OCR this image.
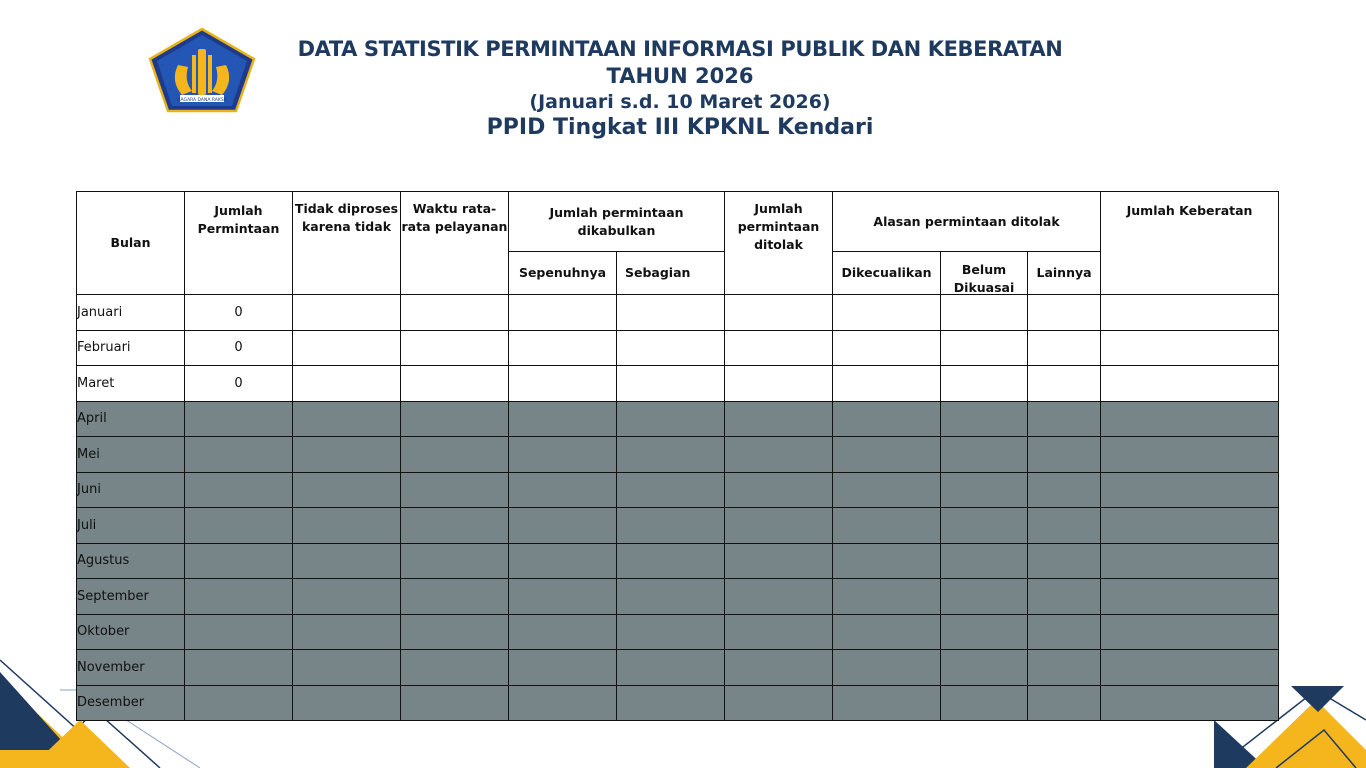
NAGARA DANA RAKSA
DATA STATISTIK PERMINTAAN INFORMASI PUBLIK DAN KEBERATAN
TAHUN 2026
(Januari s.d. 10 Maret 2026)
PPID Tingkat III KPKNL Kendari
Bulan	Jumlah Permintaan	Tidak diproses karena tidak	Waktu rata-rata pelayanan	Jumlah permintaan dikabulkan		Jumlah permintaan ditolak	Alasan permintaan ditolak			Jumlah Keberatan

				Sepenuhnya	Sebagian		Dikecualikan	Belum Dikuasai	Lainnya	
Januari	0									
Februari	0									
Maret	0									
April										
Mei										
Juni										
Juli										
Agustus										
September										
Oktober										
November										
Desember										
